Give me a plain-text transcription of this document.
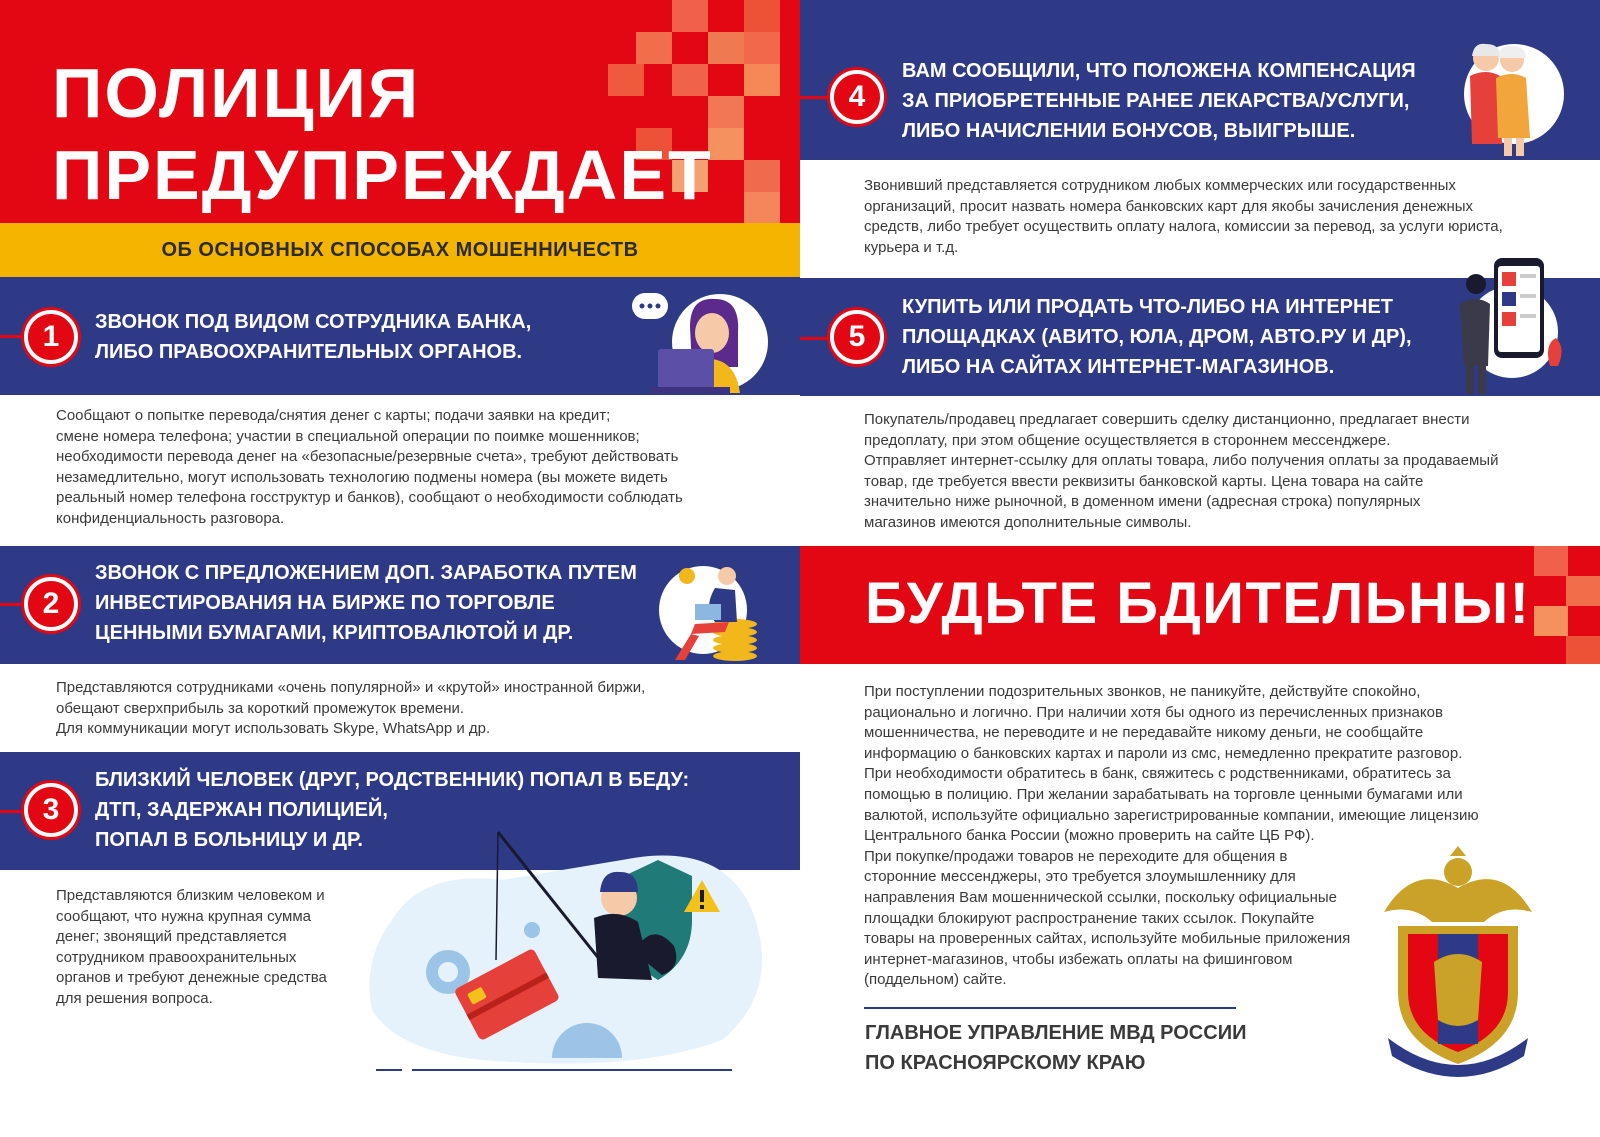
ПОЛИЦИЯ
ПРЕДУПРЕЖДАЕТ
ОБ ОСНОВНЫХ СПОСОБАХ МОШЕННИЧЕСТВ
1	ЗВОНОК ПОД ВИДОМ СОТРУДНИКА БАНКА,
ЛИБО ПРАВООХРАНИТЕЛЬНЫХ ОРГАНОВ.
Сообщают о попытке перевода/снятия денег с карты; подачи заявки на кредит;
смене номера телефона; участии в специальной операции по поимке мошенников;
необходимости перевода денег на «безопасные/резервные счета», требуют действовать
незамедлительно, могут использовать технологию подмены номера (вы можете видеть
реальный номер телефона госструктур и банков), сообщают о необходимости соблюдать
конфиденциальность разговора.
2
ЗВОНОК С ПРЕДЛОЖЕНИЕМ ДОП. ЗАРАБОТКА ПУТЕМ
ИНВЕСТИРОВАНИЯ НА БИРЖЕ ПО ТОРГОВЛЕ
ЦЕННЫМИ БУМАГАМИ, КРИПТОВАЛЮТОЙ И ДР.
Представляются сотрудниками «очень популярной» и «крутой» иностранной биржи,
обещают сверхприбыль за короткий промежуток времени.
Для коммуникации могут использовать Skype, WhatsApp и др.
3
БЛИЗКИЙ ЧЕЛОВЕК (ДРУГ, РОДСТВЕННИК) ПОПАЛ В БЕДУ:
ДТП, ЗАДЕРЖАН ПОЛИЦИЕЙ,
ПОПАЛ В БОЛЬНИЦУ И ДР.
Представляются близким человеком и
сообщают, что нужна крупная сумма
денег; звонящий представляется
сотрудником правоохранительных
органов и требуют денежные средства
для решения вопроса.
4
ВАМ СООБЩИЛИ, ЧТО ПОЛОЖЕНА КОМПЕНСАЦИЯ
ЗА ПРИОБРЕТЕННЫЕ РАНЕЕ ЛЕКАРСТВА/УСЛУГИ,
ЛИБО НАЧИСЛЕНИИ БОНУСОВ, ВЫИГРЫШЕ.
Звонивший представляется сотрудником любых коммерческих или государственных
организаций, просит назвать номера банковских карт для якобы зачисления денежных
средств, либо требует осуществить оплату налога, комиссии за перевод, за услуги юриста,
курьера и т.д.
5
КУПИТЬ ИЛИ ПРОДАТЬ ЧТО-ЛИБО НА ИНТЕРНЕТ
ПЛОЩАДКАХ (АВИТО, ЮЛА, ДРОМ, АВТО.РУ И ДР),
ЛИБО НА САЙТАХ ИНТЕРНЕТ-МАГАЗИНОВ.
Покупатель/продавец предлагает совершить сделку дистанционно, предлагает внести
предоплату, при этом общение осуществляется в стороннем мессенджере.
Отправляет интернет-ссылку для оплаты товара, либо получения оплаты за продаваемый
товар, где требуется ввести реквизиты банковской карты. Цена товара на сайте
значительно ниже рыночной, в доменном имени (адресная строка) популярных
магазинов имеются дополнительные символы.
БУДЬТЕ БДИТЕЛЬНЫ!
При поступлении подозрительных звонков, не паникуйте, действуйте спокойно,
рационально и логично. При наличии хотя бы одного из перечисленных признаков
мошенничества, не переводите и не передавайте никому деньги, не сообщайте
информацию о банковских картах и пароли из смс, немедленно прекратите разговор.
При необходимости обратитесь в банк, свяжитесь с родственниками, обратитесь за
помощью в полицию. При желании зарабатывать на торговле ценными бумагами или
валютой, используйте официально зарегистрированные компании, имеющие лицензию
Центрального банка России (можно проверить на сайте ЦБ РФ).
При покупке/продажи товаров не переходите для общения в
сторонние мессенджеры, это требуется злоумышленнику для
направления Вам мошеннической ссылки, поскольку официальные
площадки блокируют распространение таких ссылок. Покупайте
товары на проверенных сайтах, используйте мобильные приложения
интернет-магазинов, чтобы избежать оплаты на фишинговом
(поддельном) сайте.
ГЛАВНОЕ УПРАВЛЕНИЕ МВД РОССИИ
ПО КРАСНОЯРСКОМУ КРАЮ
